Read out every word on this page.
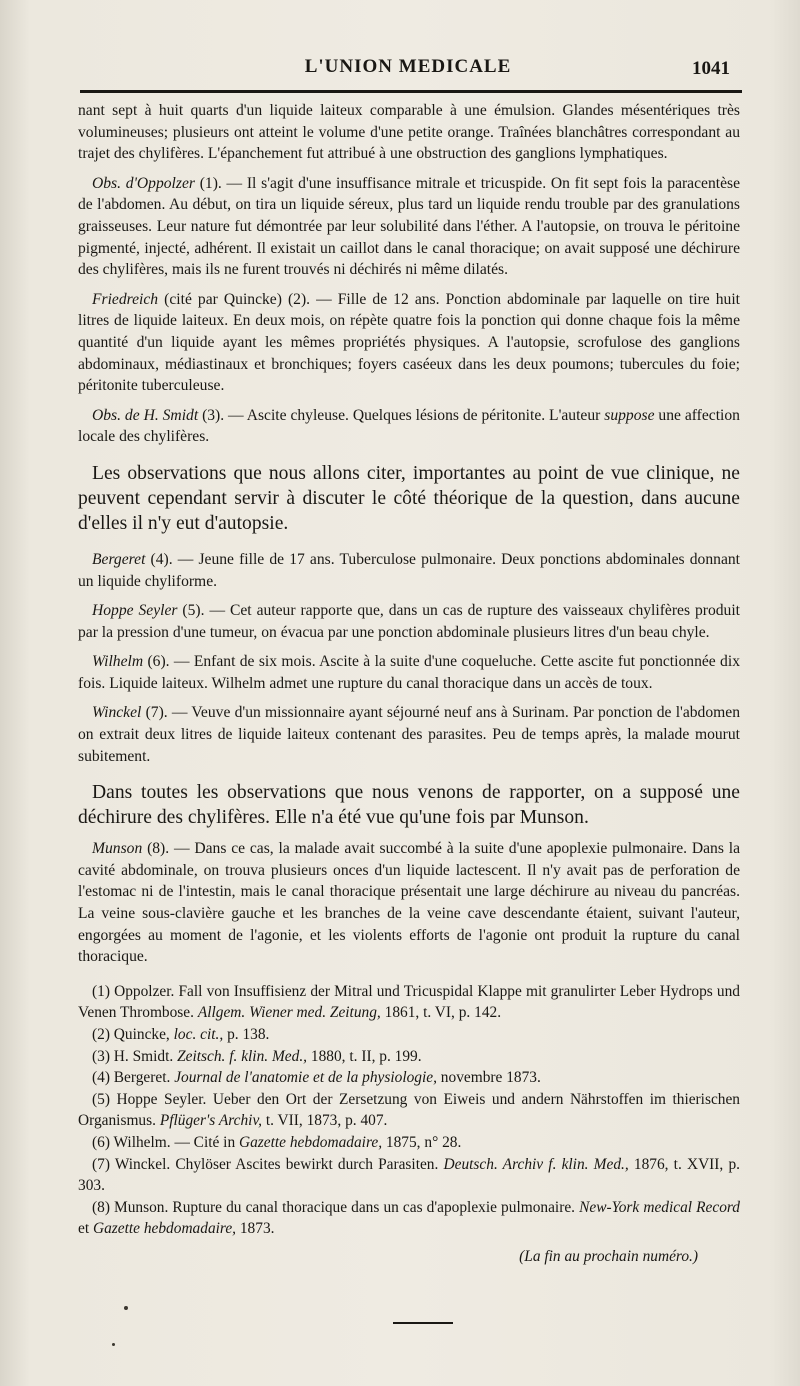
L'UNION MEDICALE	1041

nant sept à huit quarts d'un liquide laiteux comparable à une émulsion. Glandes mésentériques très volumineuses; plusieurs ont atteint le volume d'une petite orange. Traînées blanchâtres correspondant au trajet des chylifères. L'épanchement fut attribué à une obstruction des ganglions lymphatiques.

Obs. d'Oppolzer (1). — Il s'agit d'une insuffisance mitrale et tricuspide. On fit sept fois la paracentèse de l'abdomen. Au début, on tira un liquide séreux, plus tard un liquide rendu trouble par des granulations graisseuses. Leur nature fut démontrée par leur solubilité dans l'éther. A l'autopsie, on trouva le péritoine pigmenté, injecté, adhérent. Il existait un caillot dans le canal thoracique; on avait supposé une déchirure des chylifères, mais ils ne furent trouvés ni déchirés ni même dilatés.

Friedreich (cité par Quincke) (2). — Fille de 12 ans. Ponction abdominale par laquelle on tire huit litres de liquide laiteux. En deux mois, on répète quatre fois la ponction qui donne chaque fois la même quantité d'un liquide ayant les mêmes propriétés physiques. A l'autopsie, scrofulose des ganglions abdominaux, médiastinaux et bronchiques; foyers caséeux dans les deux poumons; tubercules du foie; péritonite tuberculeuse.

Obs. de H. Smidt (3). — Ascite chyleuse. Quelques lésions de péritonite. L'auteur suppose une affection locale des chylifères.

Les observations que nous allons citer, importantes au point de vue clinique, ne peuvent cependant servir à discuter le côté théorique de la question, dans aucune d'elles il n'y eut d'autopsie.

Bergeret (4). — Jeune fille de 17 ans. Tuberculose pulmonaire. Deux ponctions abdominales donnant un liquide chyliforme.

Hoppe Seyler (5). — Cet auteur rapporte que, dans un cas de rupture des vaisseaux chylifères produit par la pression d'une tumeur, on évacua par une ponction abdominale plusieurs litres d'un beau chyle.

Wilhelm (6). — Enfant de six mois. Ascite à la suite d'une coqueluche. Cette ascite fut ponctionnée dix fois. Liquide laiteux. Wilhelm admet une rupture du canal thoracique dans un accès de toux.

Winckel (7). — Veuve d'un missionnaire ayant séjourné neuf ans à Surinam. Par ponction de l'abdomen on extrait deux litres de liquide laiteux contenant des parasites. Peu de temps après, la malade mourut subitement.

Dans toutes les observations que nous venons de rapporter, on a supposé une déchirure des chylifères. Elle n'a été vue qu'une fois par Munson.

Munson (8). — Dans ce cas, la malade avait succombé à la suite d'une apoplexie pulmonaire. Dans la cavité abdominale, on trouva plusieurs onces d'un liquide lactescent. Il n'y avait pas de perforation de l'estomac ni de l'intestin, mais le canal thoracique présentait une large déchirure au niveau du pancréas. La veine sous-clavière gauche et les branches de la veine cave descendante étaient, suivant l'auteur, engorgées au moment de l'agonie, et les violents efforts de l'agonie ont produit la rupture du canal thoracique.

(1) Oppolzer. Fall von Insuffisienz der Mitral und Tricuspidal Klappe mit granulirter Leber Hydrops und Venen Thrombose. Allgem. Wiener med. Zeitung, 1861, t. VI, p. 142.

(2) Quincke, loc. cit., p. 138.

(3) H. Smidt. Zeitsch. f. klin. Med., 1880, t. II, p. 199.

(4) Bergeret. Journal de l'anatomie et de la physiologie, novembre 1873.

(5) Hoppe Seyler. Ueber den Ort der Zersetzung von Eiweis und andern Nährstoffen im thierischen Organismus. Pflüger's Archiv, t. VII, 1873, p. 407.

(6) Wilhelm. — Cité in Gazette hebdomadaire, 1875, n° 28.

(7) Winckel. Chylöser Ascites bewirkt durch Parasiten. Deutsch. Archiv f. klin. Med., 1876, t. XVII, p. 303.

(8) Munson. Rupture du canal thoracique dans un cas d'apoplexie pulmonaire. New-York medical Record et Gazette hebdomadaire, 1873.

(La fin au prochain numéro.)
